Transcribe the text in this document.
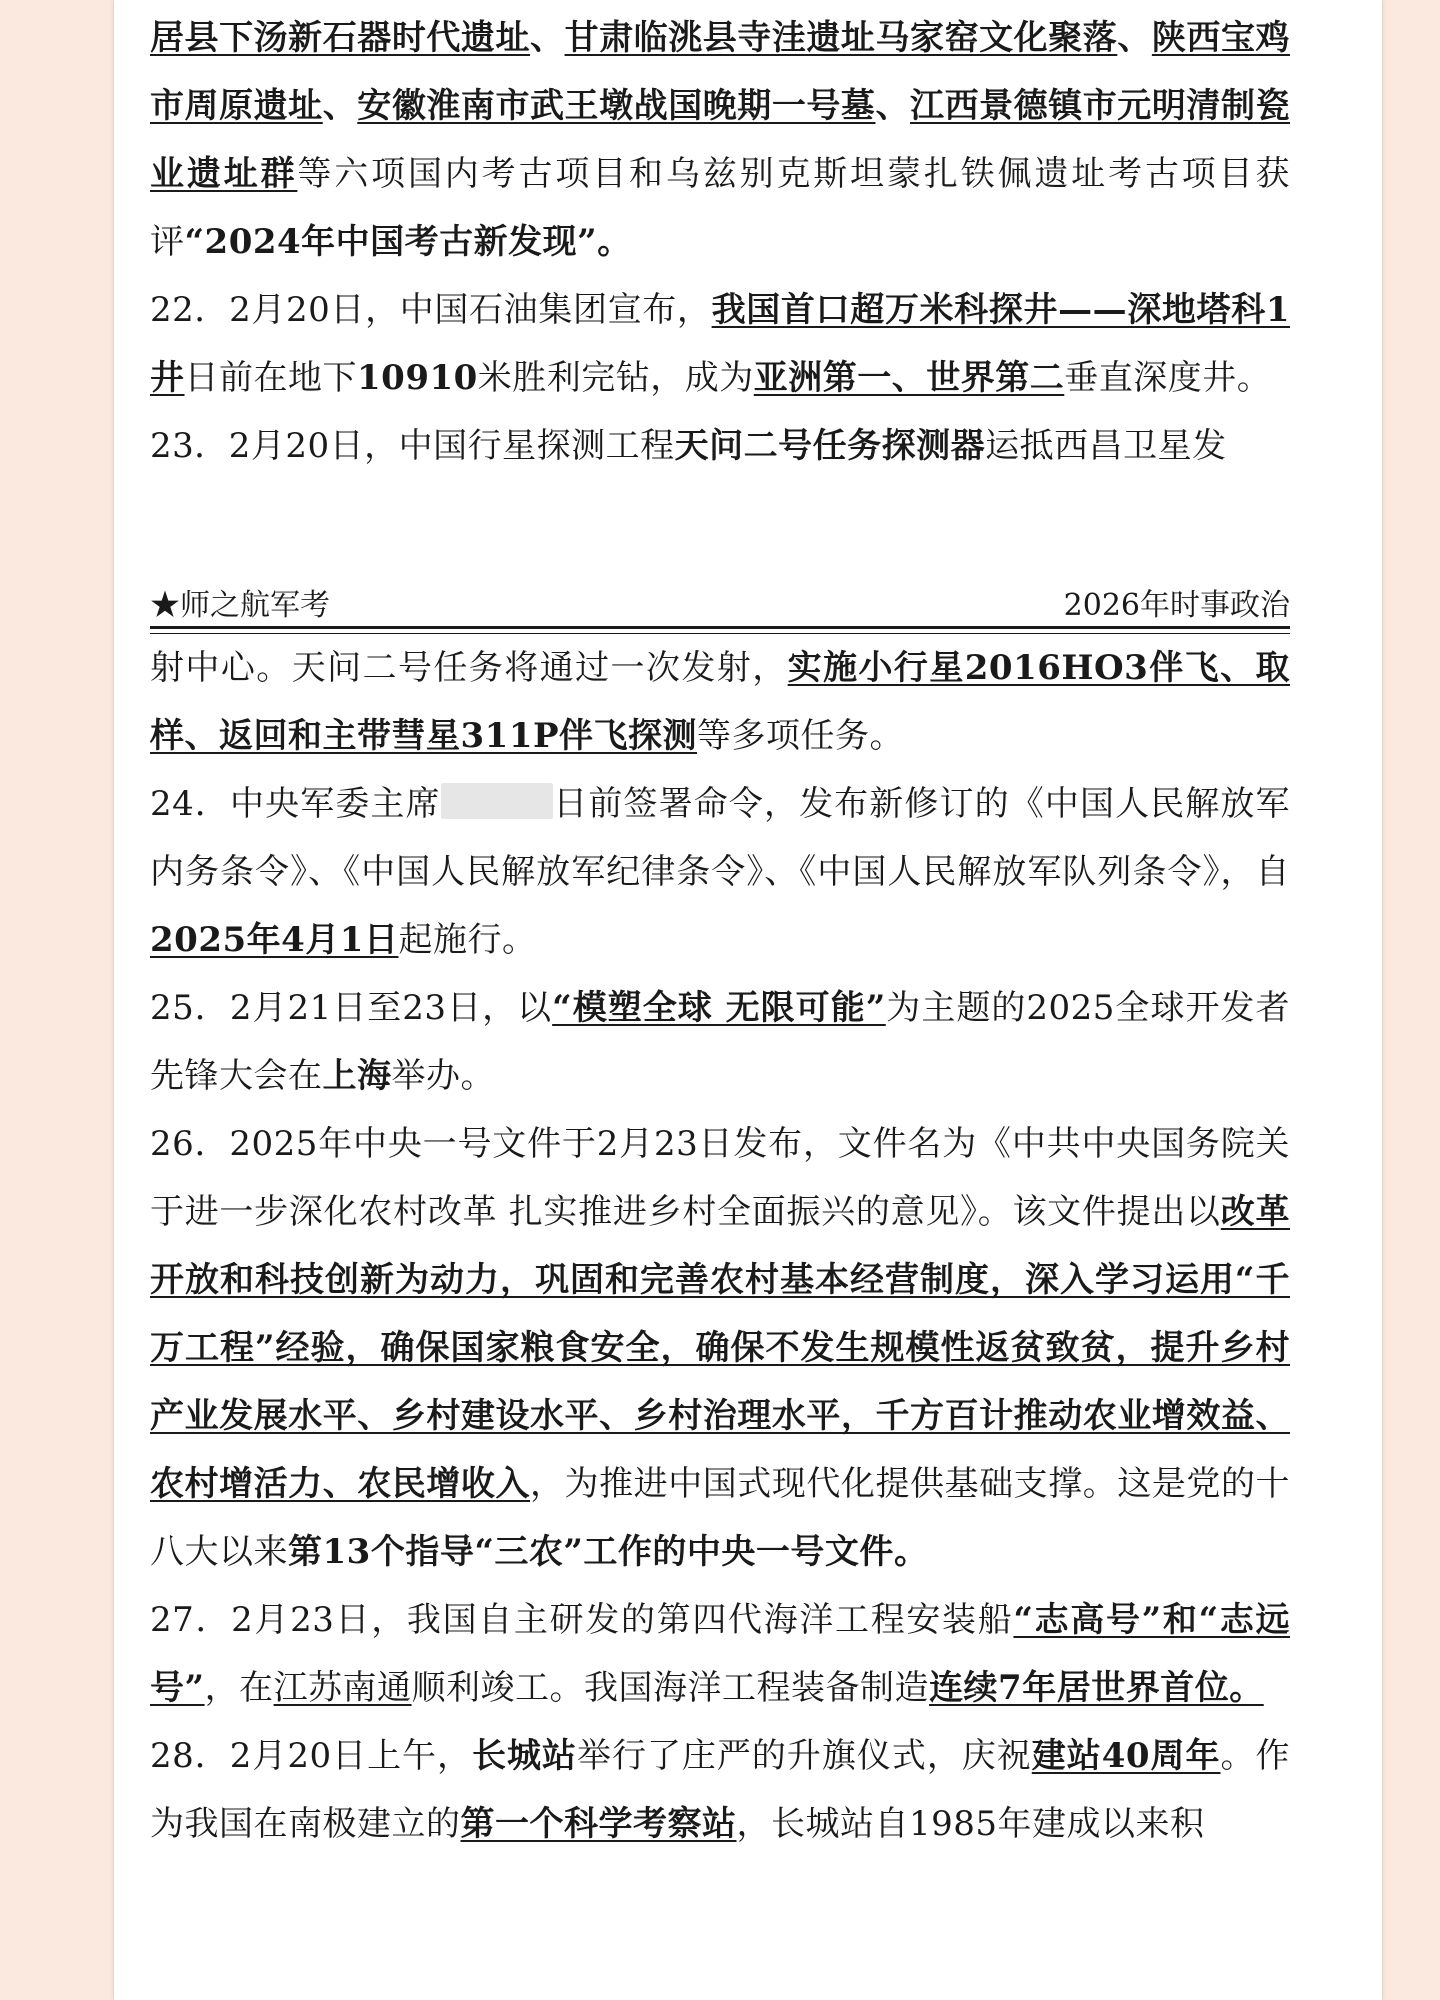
居县下汤新石器时代遗址、甘肃临洮县寺洼遗址马家窑文化聚落、陕西宝鸡市周原遗址、安徽淮南市武王墩战国晚期一号墓、江西景德镇市元明清制瓷业遗址群等六项国内考古项目和乌兹别克斯坦蒙扎铁佩遗址考古项目获评“2024年中国考古新发现”。

22．2月20日，中国石油集团宣布，我国首口超万米科探井——深地塔科1井日前在地下10910米胜利完钻，成为亚洲第一、世界第二垂直深度井。

23．2月20日，中国行星探测工程天问二号任务探测器运抵西昌卫星发

★师之航军考	2026年时事政治

射中心。天问二号任务将通过一次发射，实施小行星2016HO3伴飞、取样、返回和主带彗星311P伴飞探测等多项任务。

24．中央军委主席	日前签署命令，发布新修订的《中国人民解放军内务条令》、《中国人民解放军纪律条令》、《中国人民解放军队列条令》，自2025年4月1日起施行。

25．2月21日至23日，以“模塑全球 无限可能”为主题的2025全球开发者先锋大会在上海举办。

26．2025年中央一号文件于2月23日发布，文件名为《中共中央国务院关于进一步深化农村改革 扎实推进乡村全面振兴的意见》。该文件提出以改革开放和科技创新为动力，巩固和完善农村基本经营制度，深入学习运用“千万工程”经验，确保国家粮食安全，确保不发生规模性返贫致贫，提升乡村产业发展水平、乡村建设水平、乡村治理水平，千方百计推动农业增效益、农村增活力、农民增收入，为推进中国式现代化提供基础支撑。这是党的十八大以来第13个指导“三农”工作的中央一号文件。

27．2月23日，我国自主研发的第四代海洋工程安装船“志高号”和“志远号”，在江苏南通顺利竣工。我国海洋工程装备制造连续7年居世界首位。

28．2月20日上午，长城站举行了庄严的升旗仪式，庆祝建站40周年。作为我国在南极建立的第一个科学考察站，长城站自1985年建成以来积
